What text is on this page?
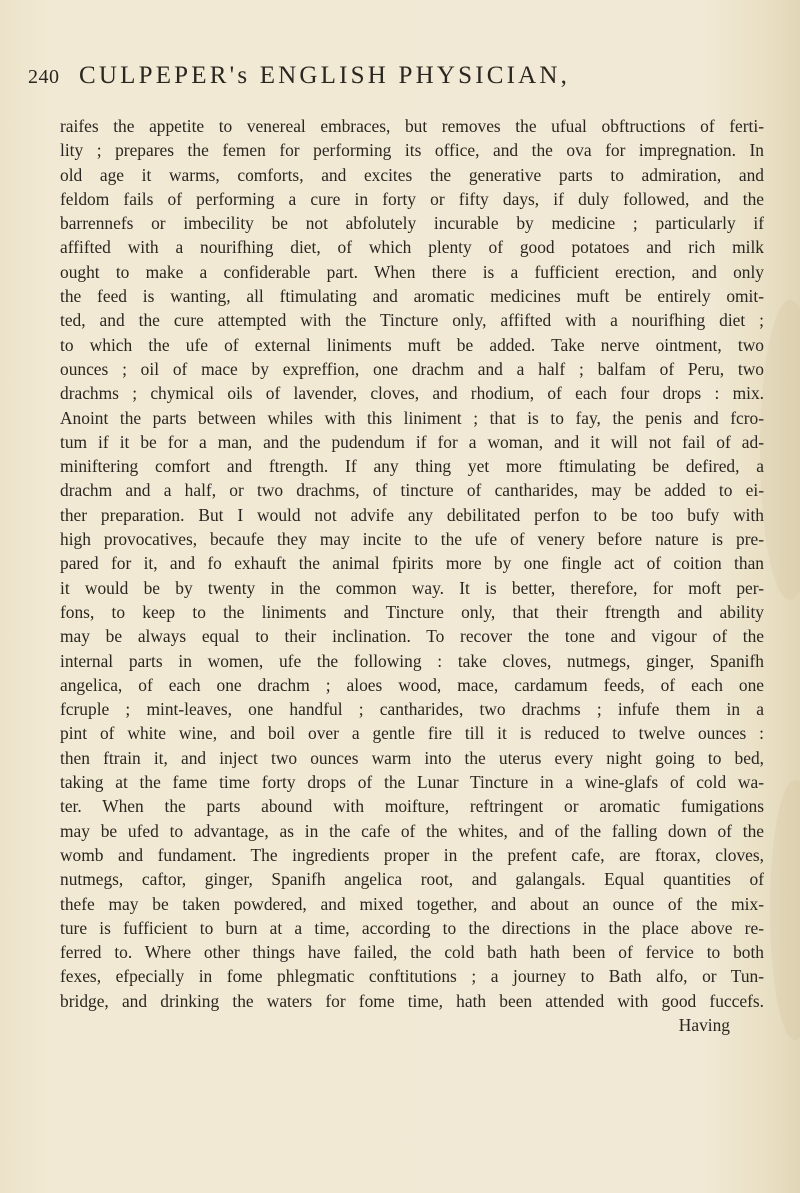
240 CULPEPER's ENGLISH PHYSICIAN,
raifes the appetite to venereal embraces, but removes the ufual obftructions of ferti-
lity ; prepares the femen for performing its office, and the ova for impregnation. In
old age it warms, comforts, and excites the generative parts to admiration, and
feldom fails of performing a cure in forty or fifty days, if duly followed, and the
barrennefs or imbecility be not abfolutely incurable by medicine ; particularly if
affifted with a nourifhing diet, of which plenty of good potatoes and rich milk
ought to make a confiderable part. When there is a fufficient erection, and only
the feed is wanting, all ftimulating and aromatic medicines muft be entirely omit-
ted, and the cure attempted with the Tincture only, affifted with a nourifhing diet ;
to which the ufe of external liniments muft be added. Take nerve ointment, two
ounces ; oil of mace by expreffion, one drachm and a half ; balfam of Peru, two
drachms ; chymical oils of lavender, cloves, and rhodium, of each four drops : mix.
Anoint the parts between whiles with this liniment ; that is to fay, the penis and fcro-
tum if it be for a man, and the pudendum if for a woman, and it will not fail of ad-
miniftering comfort and ftrength. If any thing yet more ftimulating be defired, a
drachm and a half, or two drachms, of tincture of cantharides, may be added to ei-
ther preparation. But I would not advife any debilitated perfon to be too bufy with
high provocatives, becaufe they may incite to the ufe of venery before nature is pre-
pared for it, and fo exhauft the animal fpirits more by one fingle act of coition than
it would be by twenty in the common way. It is better, therefore, for moft per-
fons, to keep to the liniments and Tincture only, that their ftrength and ability
may be always equal to their inclination. To recover the tone and vigour of the
internal parts in women, ufe the following : take cloves, nutmegs, ginger, Spanifh
angelica, of each one drachm ; aloes wood, mace, cardamum feeds, of each one
fcruple ; mint-leaves, one handful ; cantharides, two drachms ; infufe them in a
pint of white wine, and boil over a gentle fire till it is reduced to twelve ounces :
then ftrain it, and inject two ounces warm into the uterus every night going to bed,
taking at the fame time forty drops of the Lunar Tincture in a wine-glafs of cold wa-
ter. When the parts abound with moifture, reftringent or aromatic fumigations
may be ufed to advantage, as in the cafe of the whites, and of the falling down of the
womb and fundament. The ingredients proper in the prefent cafe, are ftorax, cloves,
nutmegs, caftor, ginger, Spanifh angelica root, and galangals. Equal quantities of
thefe may be taken powdered, and mixed together, and about an ounce of the mix-
ture is fufficient to burn at a time, according to the directions in the place above re-
ferred to. Where other things have failed, the cold bath hath been of fervice to both
fexes, efpecially in fome phlegmatic conftitutions ; a journey to Bath alfo, or Tun-
bridge, and drinking the waters for fome time, hath been attended with good fuccefs.
Having
